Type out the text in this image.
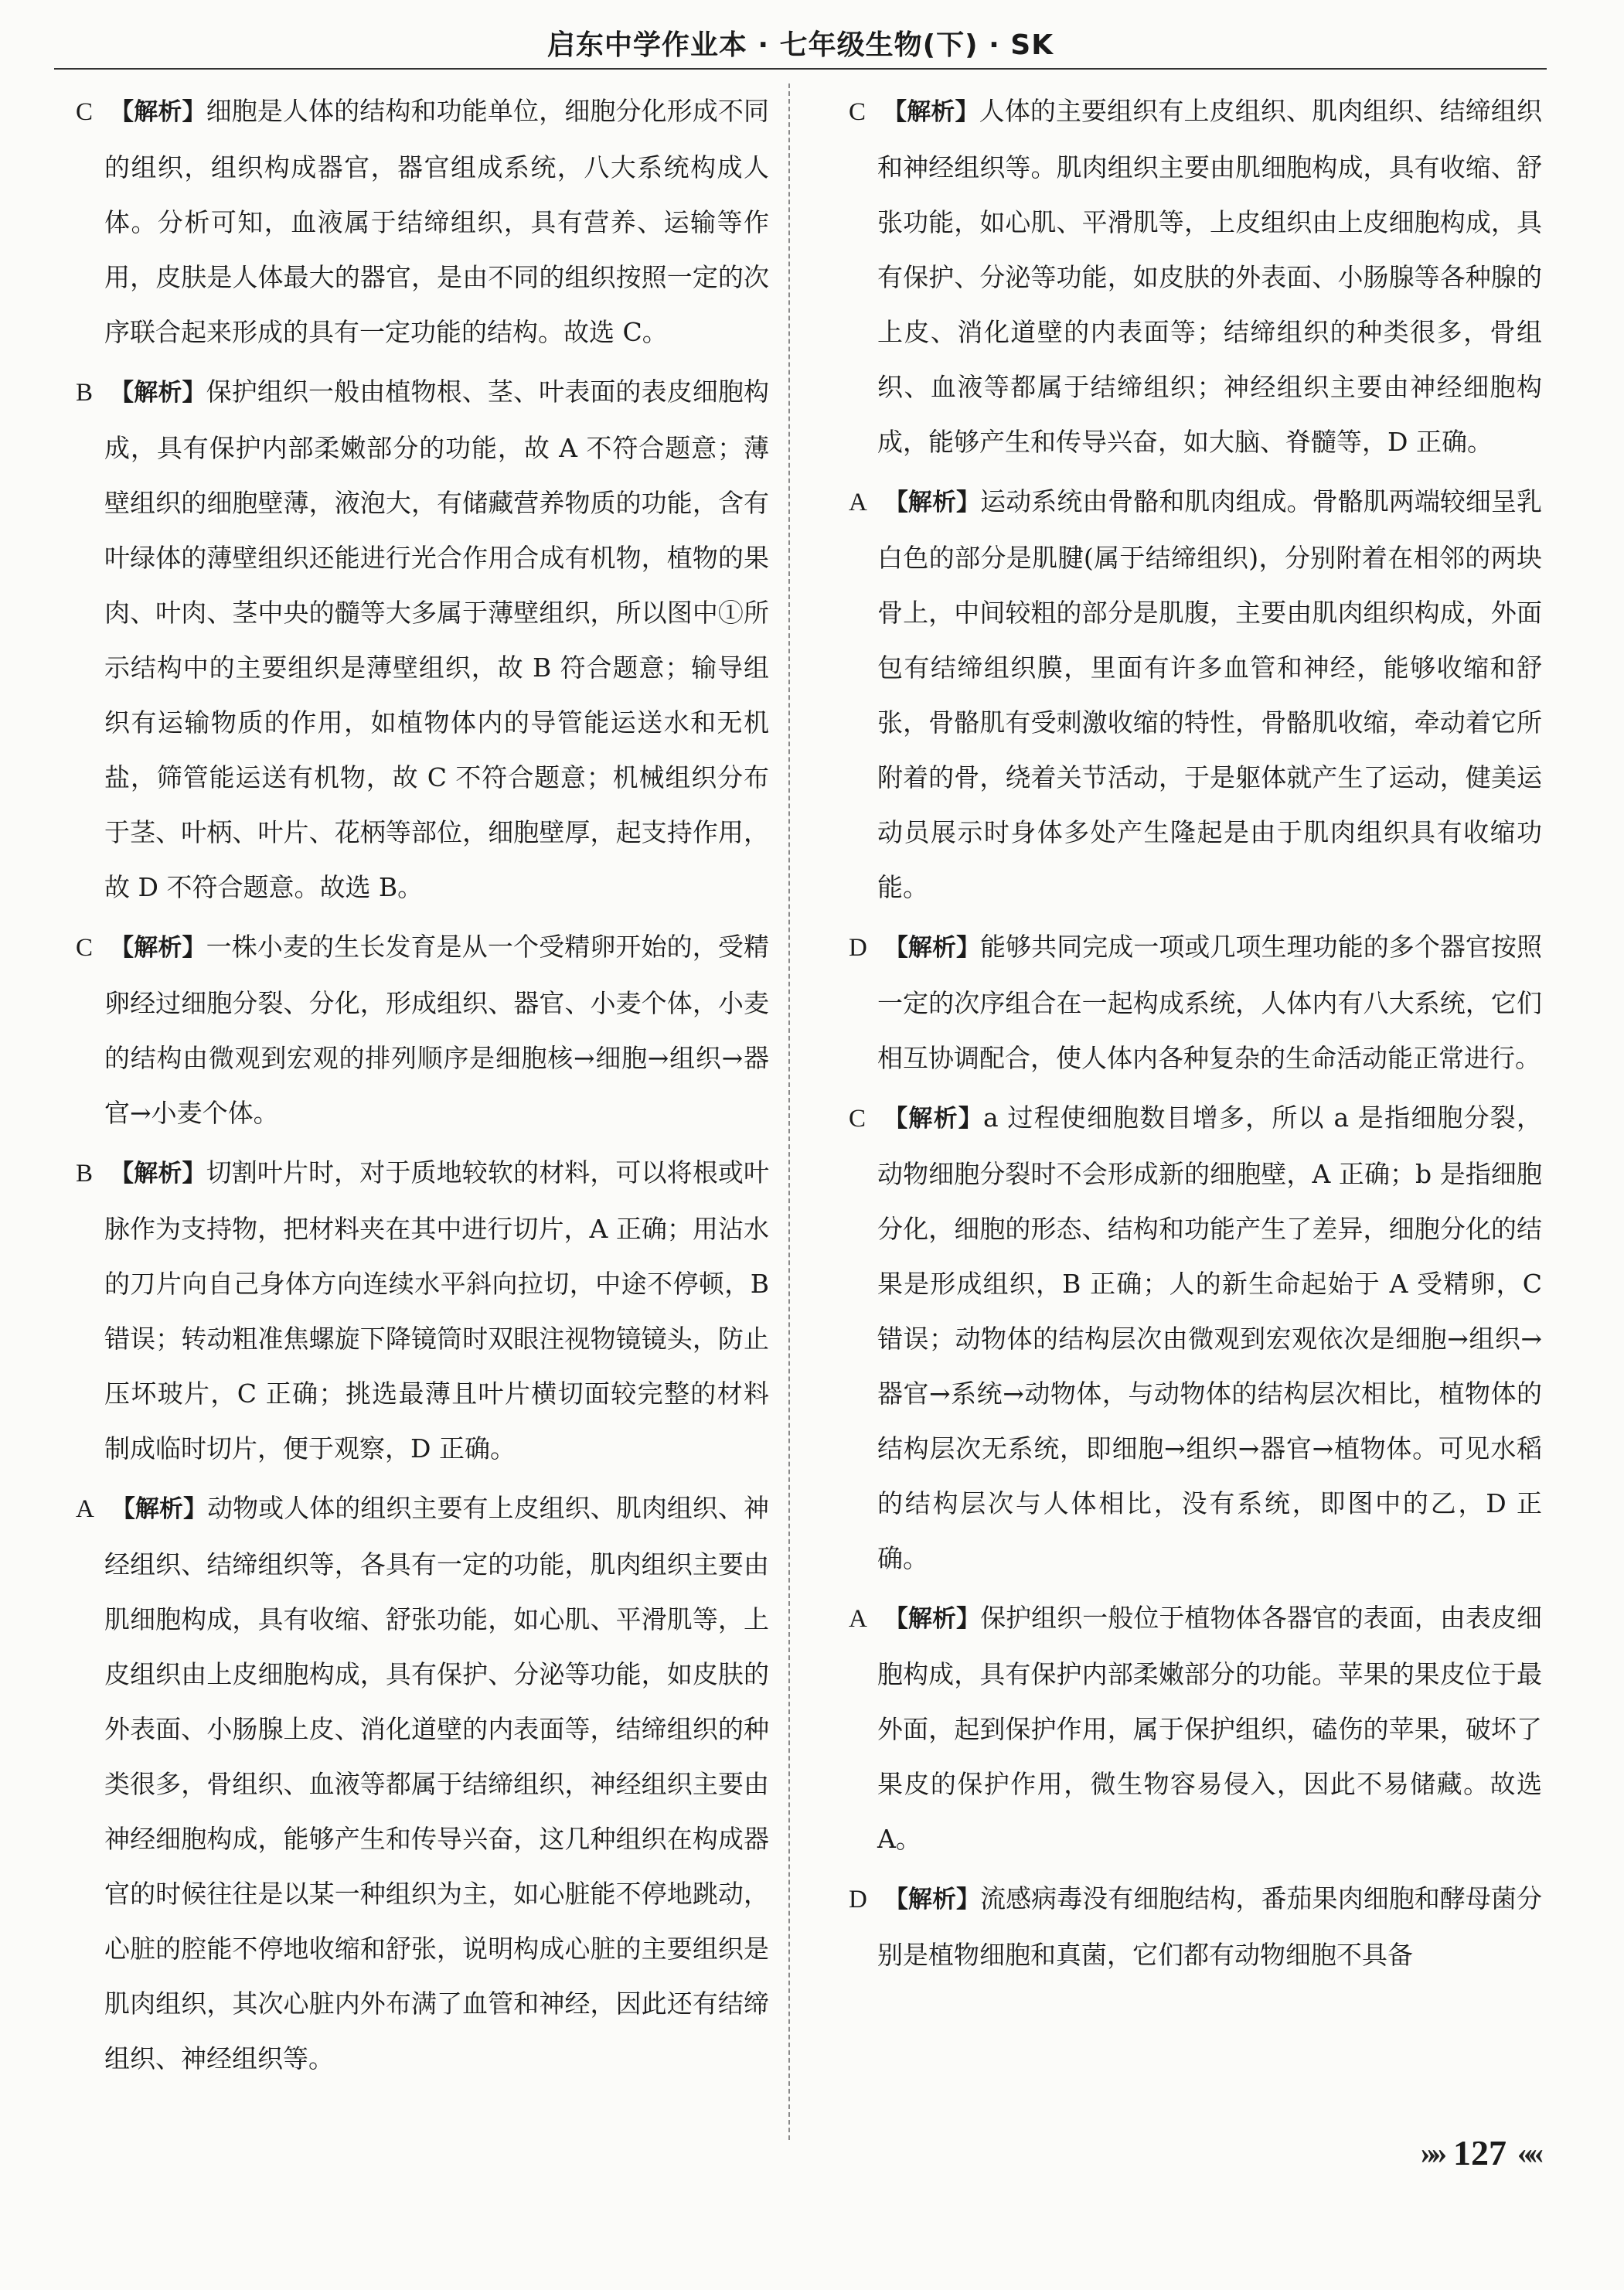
启东中学作业本 · 七年级生物(下) · SK

C 【解析】细胞是人体的结构和功能单位，细胞分化形成不同的组织，组织构成器官，器官组成系统，八大系统构成人体。分析可知，血液属于结缔组织，具有营养、运输等作用，皮肤是人体最大的器官，是由不同的组织按照一定的次序联合起来形成的具有一定功能的结构。故选 C。

B 【解析】保护组织一般由植物根、茎、叶表面的表皮细胞构成，具有保护内部柔嫩部分的功能，故 A 不符合题意；薄壁组织的细胞壁薄，液泡大，有储藏营养物质的功能，含有叶绿体的薄壁组织还能进行光合作用合成有机物，植物的果肉、叶肉、茎中央的髓等大多属于薄壁组织，所以图中①所示结构中的主要组织是薄壁组织，故 B 符合题意；输导组织有运输物质的作用，如植物体内的导管能运送水和无机盐，筛管能运送有机物，故 C 不符合题意；机械组织分布于茎、叶柄、叶片、花柄等部位，细胞壁厚，起支持作用，故 D 不符合题意。故选 B。

C 【解析】一株小麦的生长发育是从一个受精卵开始的，受精卵经过细胞分裂、分化，形成组织、器官、小麦个体，小麦的结构由微观到宏观的排列顺序是细胞核→细胞→组织→器官→小麦个体。

B 【解析】切割叶片时，对于质地较软的材料，可以将根或叶脉作为支持物，把材料夹在其中进行切片，A 正确；用沾水的刀片向自己身体方向连续水平斜向拉切，中途不停顿，B 错误；转动粗准焦螺旋下降镜筒时双眼注视物镜镜头，防止压坏玻片，C 正确；挑选最薄且叶片横切面较完整的材料制成临时切片，便于观察，D 正确。

A 【解析】动物或人体的组织主要有上皮组织、肌肉组织、神经组织、结缔组织等，各具有一定的功能，肌肉组织主要由肌细胞构成，具有收缩、舒张功能，如心肌、平滑肌等，上皮组织由上皮细胞构成，具有保护、分泌等功能，如皮肤的外表面、小肠腺上皮、消化道壁的内表面等，结缔组织的种类很多，骨组织、血液等都属于结缔组织，神经组织主要由神经细胞构成，能够产生和传导兴奋，这几种组织在构成器官的时候往往是以某一种组织为主，如心脏能不停地跳动，心脏的腔能不停地收缩和舒张，说明构成心脏的主要组织是肌肉组织，其次心脏内外布满了血管和神经，因此还有结缔组织、神经组织等。

C 【解析】人体的主要组织有上皮组织、肌肉组织、结缔组织和神经组织等。肌肉组织主要由肌细胞构成，具有收缩、舒张功能，如心肌、平滑肌等，上皮组织由上皮细胞构成，具有保护、分泌等功能，如皮肤的外表面、小肠腺等各种腺的上皮、消化道壁的内表面等；结缔组织的种类很多，骨组织、血液等都属于结缔组织；神经组织主要由神经细胞构成，能够产生和传导兴奋，如大脑、脊髓等，D 正确。

A 【解析】运动系统由骨骼和肌肉组成。骨骼肌两端较细呈乳白色的部分是肌腱(属于结缔组织)，分别附着在相邻的两块骨上，中间较粗的部分是肌腹，主要由肌肉组织构成，外面包有结缔组织膜，里面有许多血管和神经，能够收缩和舒张，骨骼肌有受刺激收缩的特性，骨骼肌收缩，牵动着它所附着的骨，绕着关节活动，于是躯体就产生了运动，健美运动员展示时身体多处产生隆起是由于肌肉组织具有收缩功能。

D 【解析】能够共同完成一项或几项生理功能的多个器官按照一定的次序组合在一起构成系统，人体内有八大系统，它们相互协调配合，使人体内各种复杂的生命活动能正常进行。

C 【解析】a 过程使细胞数目增多，所以 a 是指细胞分裂，动物细胞分裂时不会形成新的细胞壁，A 正确；b 是指细胞分化，细胞的形态、结构和功能产生了差异，细胞分化的结果是形成组织，B 正确；人的新生命起始于 A 受精卵，C 错误；动物体的结构层次由微观到宏观依次是细胞→组织→器官→系统→动物体，与动物体的结构层次相比，植物体的结构层次无系统，即细胞→组织→器官→植物体。可见水稻的结构层次与人体相比，没有系统，即图中的乙，D 正确。

A 【解析】保护组织一般位于植物体各器官的表面，由表皮细胞构成，具有保护内部柔嫩部分的功能。苹果的果皮位于最外面，起到保护作用，属于保护组织，磕伤的苹果，破坏了果皮的保护作用，微生物容易侵入，因此不易储藏。故选 A。

D 【解析】流感病毒没有细胞结构，番茄果肉细胞和酵母菌分别是植物细胞和真菌，它们都有动物细胞不具备

»» 127 ««
